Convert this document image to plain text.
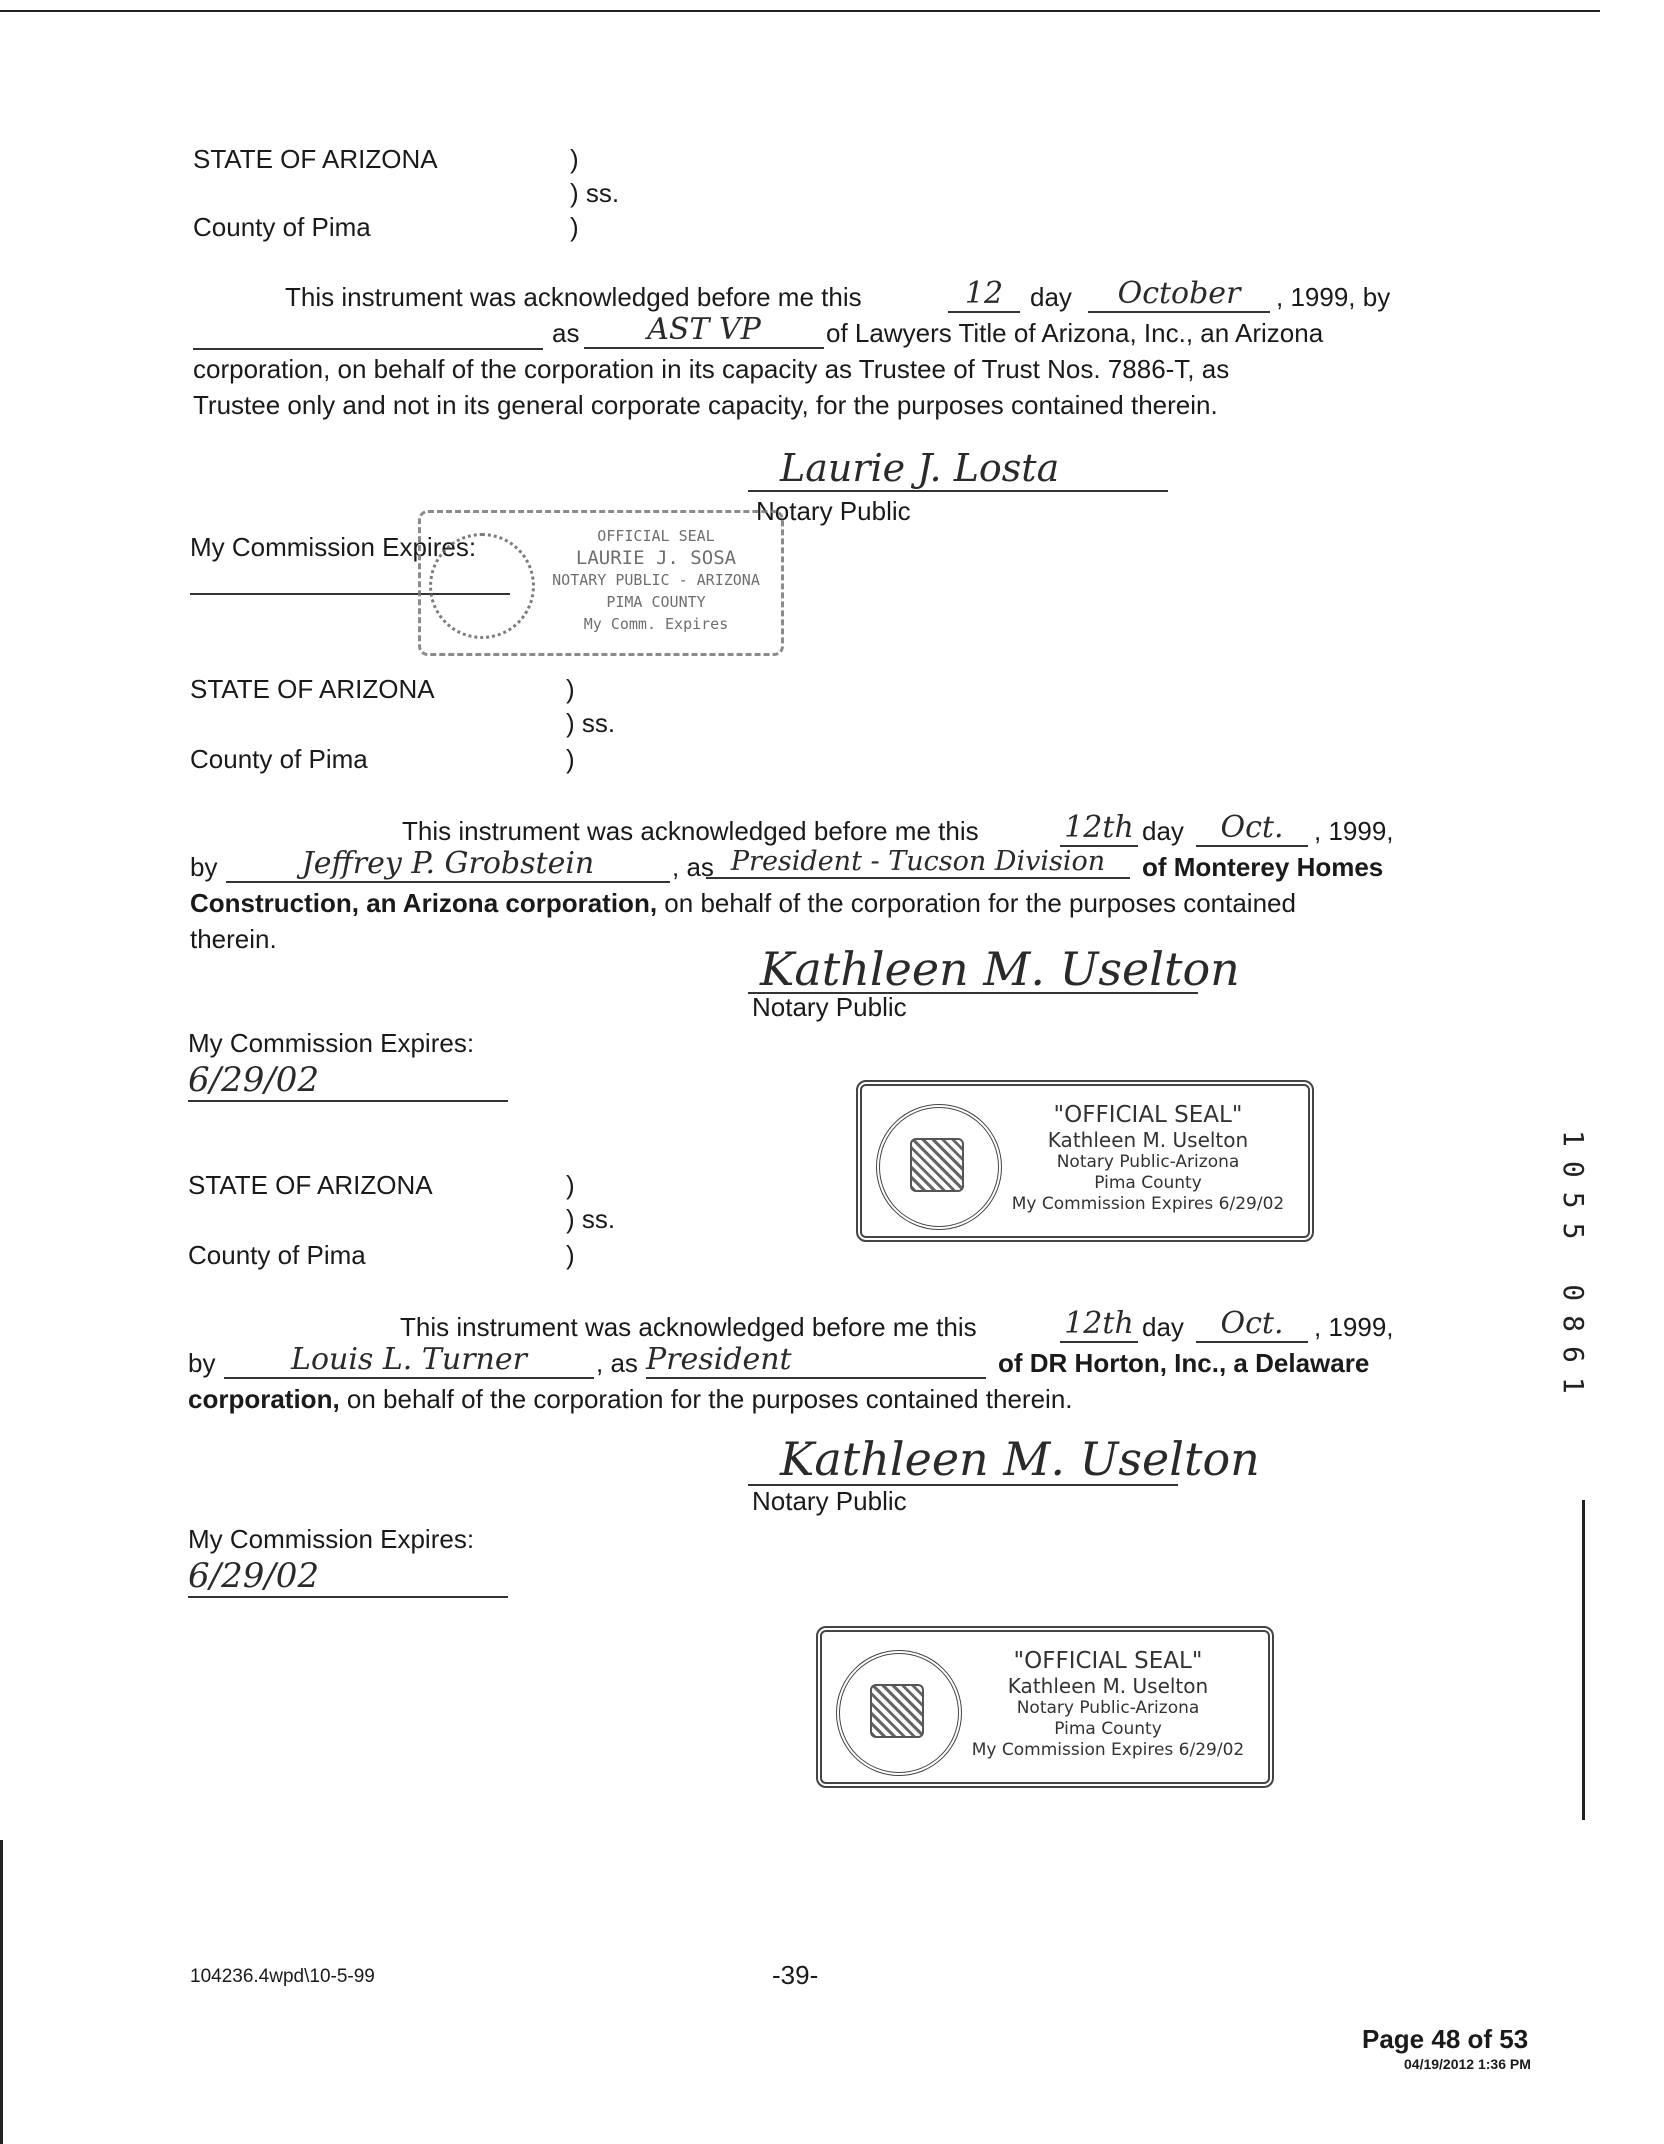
STATE OF ARIZONA	)
) ss.
County of Pima	)
This instrument was acknowledged before me this	12	day	October	, 1999, by
as	AST VP	of Lawyers Title of Arizona, Inc., an Arizona
corporation, on behalf of the corporation in its capacity as Trustee of Trust Nos. 7886-T, as
Trustee only and not in its general corporate capacity, for the purposes contained therein.
Laurie J. Losta
Notary Public
My Commission Expires:	OFFICIAL SEAL
LAURIE J. SOSA
NOTARY PUBLIC - ARIZONA
PIMA COUNTY
My Comm. Expires
STATE OF ARIZONA	)
) ss.
County of Pima	)
This instrument was acknowledged before me this	12th day	Oct.	, 1999,
by	Jeffrey P. Grobstein	, as President - Tucson Division	of Monterey Homes
Construction, an Arizona corporation, on behalf of the corporation for the purposes contained
therein.
Kathleen M. Uselton
Notary Public
My Commission Expires:
6/29/02
"OFFICIAL SEAL"
Kathleen M. Uselton
Notary Public-Arizona
Pima County
My Commission Expires 6/29/02
STATE OF ARIZONA	)
) ss.
County of Pima	)
This instrument was acknowledged before me this	12th day	Oct.	, 1999,
by	Louis L. Turner	, as President	of DR Horton, Inc., a Delaware
corporation, on behalf of the corporation for the purposes contained therein.
Kathleen M. Uselton
Notary Public
My Commission Expires:
6/29/02
"OFFICIAL SEAL"
Kathleen M. Uselton
Notary Public-Arizona
Pima County
My Commission Expires 6/29/02
1055 0861
104236.4wpd\10-5-99	-39-
Page 48 of 53
04/19/2012 1:36 PM
